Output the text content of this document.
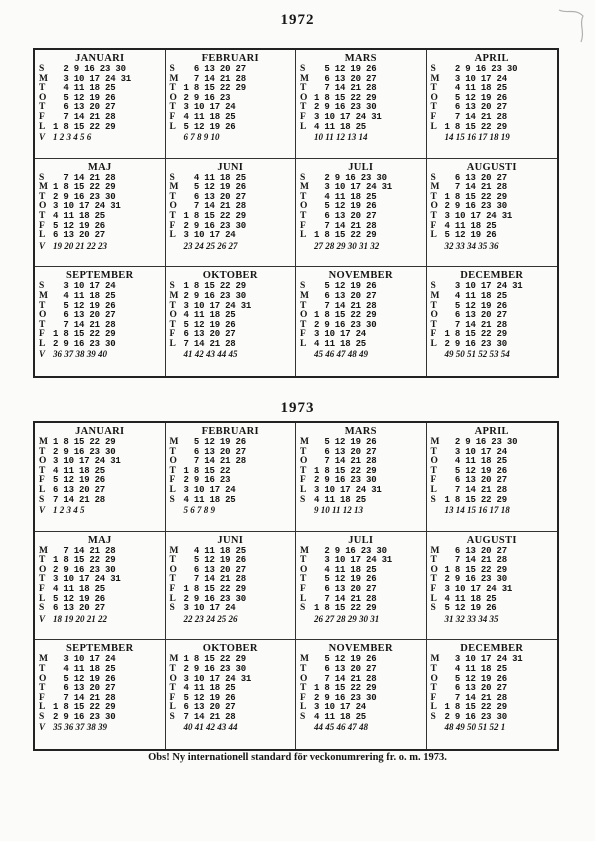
1972
JANUARI
S 2 9 16 23 30
M 3 10 17 24 31
T 4 11 18 25
O 5 12 19 26
T 6 13 20 27
F 7 14 21 28
L 1 8 15 22 29
V 1 2 3 4 5 6
FEBRUARI
S 6 13 20 27
M 7 14 21 28
T 1 8 15 22 29
O 2 9 16 23
T 3 10 17 24
F 4 11 18 25
L 5 12 19 26
6 7 8 9 10
MARS
S 5 12 19 26
M 6 13 20 27
T 7 14 21 28
O 1 8 15 22 29
T 2 9 16 23 30
F 3 10 17 24 31
L 4 11 18 25
10 11 12 13 14
APRIL
S 2 9 16 23 30
M 3 10 17 24
T 4 11 18 25
O 5 12 19 26
T 6 13 20 27
F 7 14 21 28
L 1 8 15 22 29
14 15 16 17 18 19
MAJ
S 7 14 21 28
M 1 8 15 22 29
T 2 9 16 23 30
O 3 10 17 24 31
T 4 11 18 25
F 5 12 19 26
L 6 13 20 27
V 19 20 21 22 23
JUNI
S 4 11 18 25
M 5 12 19 26
T 6 13 20 27
O 7 14 21 28
T 1 8 15 22 29
F 2 9 16 23 30
L 3 10 17 24
23 24 25 26 27
JULI
S 2 9 16 23 30
M 3 10 17 24 31
T 4 11 18 25
O 5 12 19 26
T 6 13 20 27
F 7 14 21 28
L 1 8 15 22 29
27 28 29 30 31 32
AUGUSTI
S 6 13 20 27
M 7 14 21 28
T 1 8 15 22 29
O 2 9 16 23 30
T 3 10 17 24 31
F 4 11 18 25
L 5 12 19 26
32 33 34 35 36
SEPTEMBER
S 3 10 17 24
M 4 11 18 25
T 5 12 19 26
O 6 13 20 27
T 7 14 21 28
F 1 8 15 22 29
L 2 9 16 23 30
V 36 37 38 39 40
OKTOBER
S 1 8 15 22 29
M 2 9 16 23 30
T 3 10 17 24 31
O 4 11 18 25
T 5 12 19 26
F 6 13 20 27
L 7 14 21 28
41 42 43 44 45
NOVEMBER
S 5 12 19 26
M 6 13 20 27
T 7 14 21 28
O 1 8 15 22 29
T 2 9 16 23 30
F 3 10 17 24
L 4 11 18 25
45 46 47 48 49
DECEMBER
S 3 10 17 24 31
M 4 11 18 25
T 5 12 19 26
O 6 13 20 27
T 7 14 21 28
F 1 8 15 22 29
L 2 9 16 23 30
49 50 51 52 53 54
1973
JANUARI
M 1 8 15 22 29
T 2 9 16 23 30
O 3 10 17 24 31
T 4 11 18 25
F 5 12 19 26
L 6 13 20 27
S 7 14 21 28
V 1 2 3 4 5
FEBRUARI
M 5 12 19 26
T 6 13 20 27
O 7 14 21 28
T 1 8 15 22
F 2 9 16 23
L 3 10 17 24
S 4 11 18 25
5 6 7 8 9
MARS
M 5 12 19 26
T 6 13 20 27
O 7 14 21 28
T 1 8 15 22 29
F 2 9 16 23 30
L 3 10 17 24 31
S 4 11 18 25
9 10 11 12 13
APRIL
M 2 9 16 23 30
T 3 10 17 24
O 4 11 18 25
T 5 12 19 26
F 6 13 20 27
L 7 14 21 28
S 1 8 15 22 29
13 14 15 16 17 18
MAJ
M 7 14 21 28
T 1 8 15 22 29
O 2 9 16 23 30
T 3 10 17 24 31
F 4 11 18 25
L 5 12 19 26
S 6 13 20 27
V 18 19 20 21 22
JUNI
M 4 11 18 25
T 5 12 19 26
O 6 13 20 27
T 7 14 21 28
F 1 8 15 22 29
L 2 9 16 23 30
S 3 10 17 24
22 23 24 25 26
JULI
M 2 9 16 23 30
T 3 10 17 24 31
O 4 11 18 25
T 5 12 19 26
F 6 13 20 27
L 7 14 21 28
S 1 8 15 22 29
26 27 28 29 30 31
AUGUSTI
M 6 13 20 27
T 7 14 21 28
O 1 8 15 22 29
T 2 9 16 23 30
F 3 10 17 24 31
L 4 11 18 25
S 5 12 19 26
31 32 33 34 35
SEPTEMBER
M 3 10 17 24
T 4 11 18 25
O 5 12 19 26
T 6 13 20 27
F 7 14 21 28
L 1 8 15 22 29
S 2 9 16 23 30
V 35 36 37 38 39
OKTOBER
M 1 8 15 22 29
T 2 9 16 23 30
O 3 10 17 24 31
T 4 11 18 25
F 5 12 19 26
L 6 13 20 27
S 7 14 21 28
40 41 42 43 44
NOVEMBER
M 5 12 19 26
T 6 13 20 27
O 7 14 21 28
T 1 8 15 22 29
F 2 9 16 23 30
L 3 10 17 24
S 4 11 18 25
44 45 46 47 48
DECEMBER
M 3 10 17 24 31
T 4 11 18 25
O 5 12 19 26
T 6 13 20 27
F 7 14 21 28
L 1 8 15 22 29
S 2 9 16 23 30
48 49 50 51 52 1
Obs! Ny internationell standard för veckonumrering fr. o. m. 1973.
